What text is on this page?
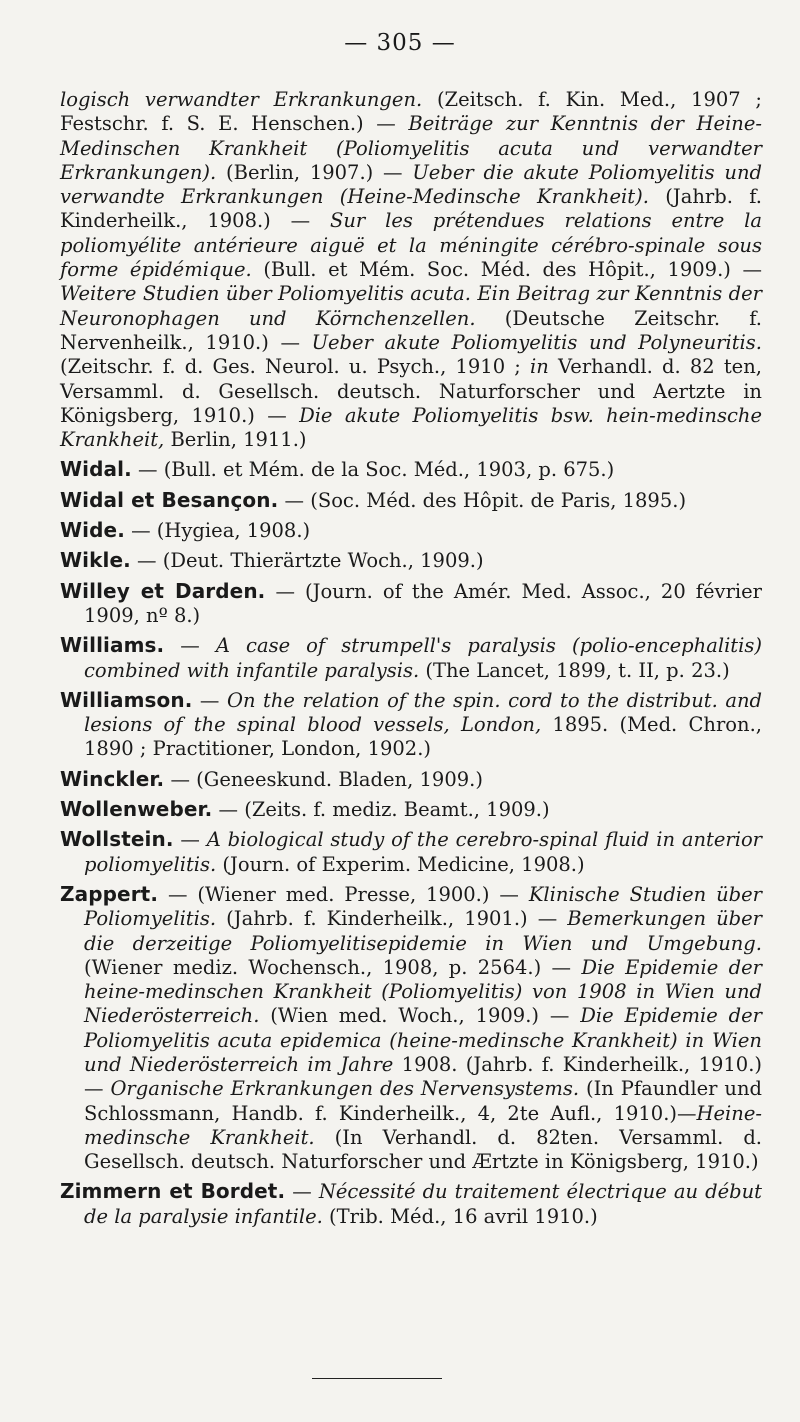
— 305 —

logisch verwandter Erkrankungen. (Zeitsch. f. Kin. Med., 1907 ; Festschr. f. S. E. Henschen.) — Beiträge zur Kenntnis der Heine-Medinschen Krankheit (Poliomyelitis acuta und verwandter Erkrankungen). (Berlin, 1907.) — Ueber die akute Poliomyelitis und verwandte Erkrankungen (Heine-Medinsche Krankheit). (Jahrb. f. Kinderheilk., 1908.) — Sur les prétendues relations entre la poliomyélite antérieure aiguë et la méningite cérébro-spinale sous forme épidémique. (Bull. et Mém. Soc. Méd. des Hôpit., 1909.) — Weitere Studien über Poliomyelitis acuta. Ein Beitrag zur Kenntnis der Neuronophagen und Körnchenzellen. (Deutsche Zeitschr. f. Nervenheilk., 1910.) — Ueber akute Poliomyelitis und Polyneuritis. (Zeitschr. f. d. Ges. Neurol. u. Psych., 1910 ; in Verhandl. d. 82 ten, Versamml. d. Gesellsch. deutsch. Naturforscher und Aertzte in Königsberg, 1910.) — Die akute Poliomyelitis bsw. hein-medinsche Krankheit, Berlin, 1911.)

Widal. — (Bull. et Mém. de la Soc. Méd., 1903, p. 675.)

Widal et Besançon. — (Soc. Méd. des Hôpit. de Paris, 1895.)

Wide. — (Hygiea, 1908.)

Wikle. — (Deut. Thierärtzte Woch., 1909.)

Willey et Darden. — (Journ. of the Amér. Med. Assoc., 20 février 1909, nº 8.)

Williams. — A case of strumpell's paralysis (polio-encephalitis) combined with infantile paralysis. (The Lancet, 1899, t. II, p. 23.)

Williamson. — On the relation of the spin. cord to the distribut. and lesions of the spinal blood vessels, London, 1895. (Med. Chron., 1890 ; Practitioner, London, 1902.)

Winckler. — (Geneeskund. Bladen, 1909.)

Wollenweber. — (Zeits. f. mediz. Beamt., 1909.)

Wollstein. — A biological study of the cerebro-spinal fluid in anterior poliomyelitis. (Journ. of Experim. Medicine, 1908.)

Zappert. — (Wiener med. Presse, 1900.) — Klinische Studien über Poliomyelitis. (Jahrb. f. Kinderheilk., 1901.) — Bemerkungen über die derzeitige Poliomyelitisepidemie in Wien und Umgebung. (Wiener mediz. Wochensch., 1908, p. 2564.) — Die Epidemie der heine-medinschen Krankheit (Poliomyelitis) von 1908 in Wien und Niederösterreich. (Wien med. Woch., 1909.) — Die Epidemie der Poliomyelitis acuta epidemica (heine-medinsche Krankheit) in Wien und Niederösterreich im Jahre 1908. (Jahrb. f. Kinderheilk., 1910.) — Organische Erkrankungen des Nervensystems. (In Pfaundler und Schlossmann, Handb. f. Kinderheilk., 4, 2te Aufl., 1910.)—Heine-medinsche Krankheit. (In Verhandl. d. 82ten. Versamml. d. Gesellsch. deutsch. Naturforscher und Ærtzte in Königsberg, 1910.)

Zimmern et Bordet. — Nécessité du traitement électrique au début de la paralysie infantile. (Trib. Méd., 16 avril 1910.)
